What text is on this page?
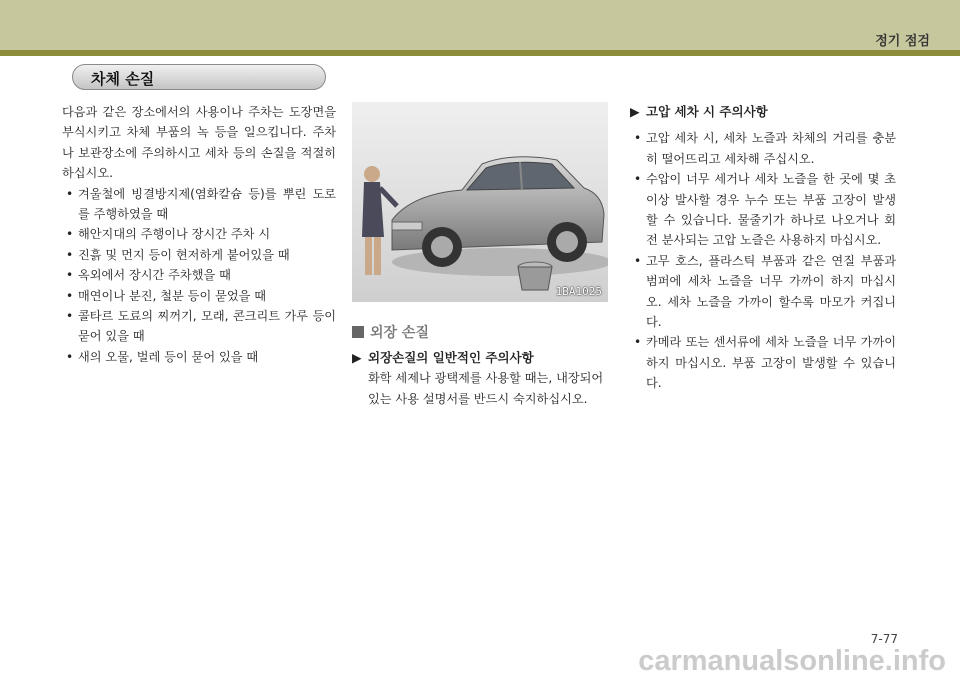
정기 점검
차체 손질

다음과 같은 장소에서의 사용이나 주차는 도장면을 부식시키고 차체 부품의 녹 등을 일으킵니다. 주차나 보관장소에 주의하시고 세차 등의 손질을 적절히 하십시오.

• 겨울철에 빙결방지제(염화칼슘 등)를 뿌린 도로를 주행하였을 때
• 해안지대의 주행이나 장시간 주차 시
• 진흙 및 먼지 등이 현저하게 붙어있을 때
• 옥외에서 장시간 주차했을 때
• 매연이나 분진, 철분 등이 묻었을 때
• 콜타르 도료의 찌꺼기, 모래, 콘크리트 가루 등이 묻어 있을 때
• 새의 오물, 벌레 등이 묻어 있을 때
1BA1025
외장 손질
▶ 외장손질의 일반적인 주의사항

화학 세제나 광택제를 사용할 때는, 내장되어 있는 사용 설명서를 반드시 숙지하십시오.

▶ 고압 세차 시 주의사항
• 고압 세차 시, 세차 노즐과 차체의 거리를 충분히 떨어뜨리고 세차해 주십시오.
• 수압이 너무 세거나 세차 노즐을 한 곳에 몇 초 이상 발사할 경우 누수 또는 부품 고장이 발생할 수 있습니다. 물줄기가 하나로 나오거나 회전 분사되는 고압 노즐은 사용하지 마십시오.
• 고무 호스, 플라스틱 부품과 같은 연질 부품과 범퍼에 세차 노즐을 너무 가까이 하지 마십시오. 세차 노즐을 가까이 할수록 마모가 커집니다.
• 카메라 또는 센서류에 세차 노즐을 너무 가까이 하지 마십시오. 부품 고장이 발생할 수 있습니다.
7-77
carmanualsonline.info
